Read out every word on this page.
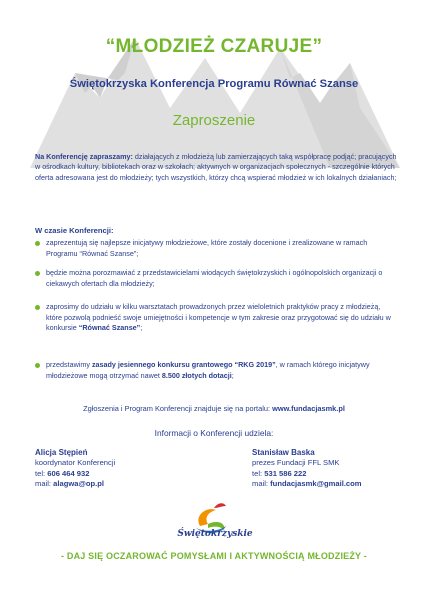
“MŁODZIEŻ CZARUJE”
Świętokrzyska Konferencja Programu Równać Szanse
Zaproszenie
Na Konferencję zapraszamy: działających z młodzieżą lub zamierzających taką współpracę podjąć; pracujących w ośrodkach kultury, bibliotekach oraz w szkołach; aktywnych w organizacjach społecznych - szczególnie których oferta adresowana jest do młodzieży; tych wszystkich, którzy chcą wspierać młodzież w ich lokalnych działaniach;
W czasie Konferencji:
zaprezentują się najlepsze inicjatywy młodzieżowe, które zostały docenione i zrealizowane w ramach Programu “Równać Szanse”;
będzie można porozmawiać z przedstawicielami wiodących świętokrzyskich i ogólnopolskich organizacji o ciekawych ofertach dla młodzieży;
zaprosimy do udziału w kilku warsztatach prowadzonych przez wieloletnich praktyków pracy z młodzieżą, które pozwolą podnieść swoje umiejętności i kompetencje w tym zakresie oraz przygotować się do udziału w konkursie “Równać Szanse”;
przedstawimy zasady jesiennego konkursu grantowego “RKG 2019”, w ramach którego inicjatywy młodzieżowe mogą otrzymać nawet 8.500 złotych dotacji;
Zgłoszenia i Program Konferencji znajduje się na portalu: www.fundacjasmk.pl
Informacji o Konferencji udziela:
Alicja Stępień
koordynator Konferencji
tel: 606 464 932
mail: alagwa@op.pl
Stanisław Baska
prezes Fundacji FFL SMK
tel: 531 586 222
mail: fundacjasmk@gmail.com
Świętokrzyskie
- DAJ SIĘ OCZAROWAĆ POMYSŁAMI I AKTYWNOŚCIĄ MŁODZIEŻY -
